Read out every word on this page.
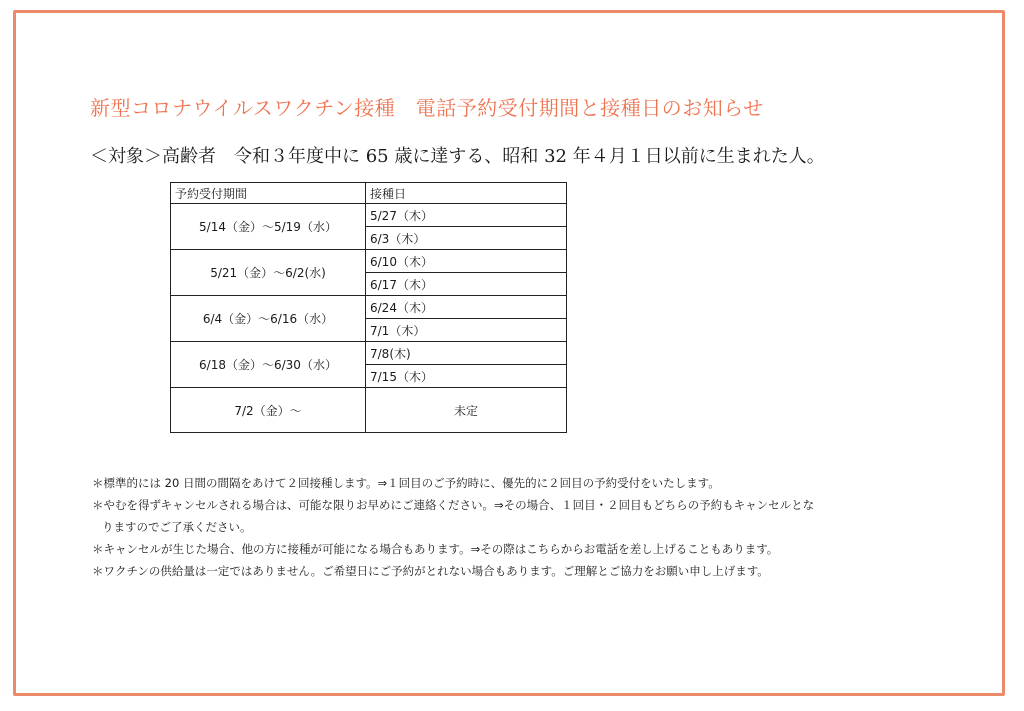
新型コロナウイルスワクチン接種　電話予約受付期間と接種日のお知らせ
＜対象＞高齢者　令和３年度中に 65 歳に達する、昭和 32 年４月１日以前に生まれた人。
予約受付期間	接種日
5/14（金）～5/19（水）	5/27（木）
	6/3（木）
5/21（金）～6/2(水)	6/10（木）
	6/17（木）
6/4（金）～6/16（水）	6/24（木）
	7/1（木）
6/18（金）～6/30（水）	7/8(木)
	7/15（木）
7/2（金）～	未定
＊標準的には 20 日間の間隔をあけて２回接種します。⇒１回目のご予約時に、優先的に２回目の予約受付をいたします。
＊やむを得ずキャンセルされる場合は、可能な限りお早めにご連絡ください。⇒その場合、１回目・２回目もどちらの予約もキャンセルとな
りますのでご了承ください。
＊キャンセルが生じた場合、他の方に接種が可能になる場合もあります。⇒その際はこちらからお電話を差し上げることもあります。
＊ワクチンの供給量は一定ではありません。ご希望日にご予約がとれない場合もあります。ご理解とご協力をお願い申し上げます。
